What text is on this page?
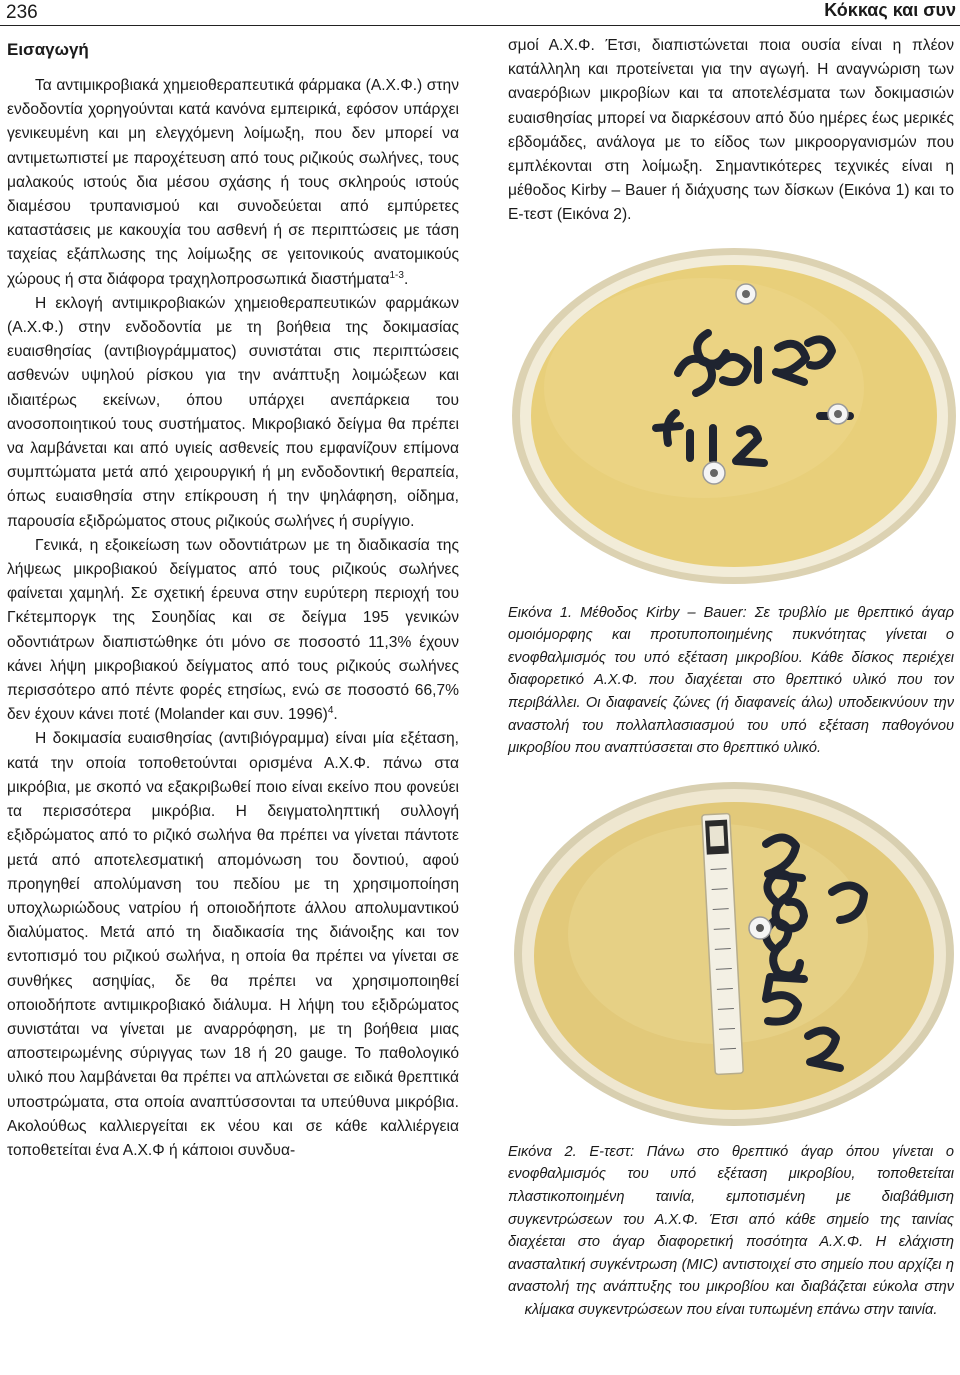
236	Κόκκας και συν
Εισαγωγή

Τα αντιμικροβιακά χημειοθεραπευτικά φάρμακα (Α.Χ.Φ.) στην ενδοδοντία χορηγούνται κατά κανόνα εμπειρικά, εφόσον υπάρχει γενικευμένη και μη ελεγχόμενη λοίμωξη, που δεν μπορεί να αντιμετωπιστεί με παροχέτευση από τους ριζικούς σωλήνες, τους μαλακούς ιστούς δια μέσου σχάσης ή τους σκληρούς ιστούς διαμέσου τρυπανισμού και συνοδεύεται από εμπύρετες καταστάσεις με κακουχία του ασθενή ή σε περιπτώσεις με τάση ταχείας εξάπλωσης της λοίμωξης σε γειτονικούς ανατομικούς χώρους ή στα διάφορα τραχηλοπροσωπικά διαστήματα$^{1-3}$.

Η εκλογή αντιμικροβιακών χημειοθεραπευτικών φαρμάκων (Α.Χ.Φ.) στην ενδοδοντία με τη βοήθεια της δοκιμασίας ευαισθησίας (αντιβιογράμματος) συνιστάται στις περιπτώσεις ασθενών υψηλού ρίσκου για την ανάπτυξη λοιμώξεων και ιδιαιτέρως εκείνων, όπου υπάρχει ανεπάρκεια του ανοσοποιητικού τους συστήματος. Μικροβιακό δείγμα θα πρέπει να λαμβάνεται και από υγιείς ασθενείς που εμφανίζουν επίμονα συμπτώματα μετά από χειρουργική ή μη ενδοδοντική θεραπεία, όπως ευαισθησία στην επίκρουση ή την ψηλάφηση, οίδημα, παρουσία εξιδρώματος στους ριζικούς σωλήνες ή συρίγγιο.

Γενικά, η εξοικείωση των οδοντιάτρων με τη διαδικασία της λήψεως μικροβιακού δείγματος από τους ριζικούς σωλήνες φαίνεται χαμηλή. Σε σχετική έρευνα στην ευρύτερη περιοχή του Γκέτεμποργκ της Σουηδίας και σε δείγμα 195 γενικών οδοντιάτρων διαπιστώθηκε ότι μόνο σε ποσοστό 11,3% έχουν κάνει λήψη μικροβιακού δείγματος από τους ριζικούς σωλήνες περισσότερο από πέντε φορές ετησίως, ενώ σε ποσοστό 66,7% δεν έχουν κάνει ποτέ (Molander και συν. 1996)$^4$.

Η δοκιμασία ευαισθησίας (αντιβιόγραμμα) είναι μία εξέταση, κατά την οποία τοποθετούνται ορισμένα Α.Χ.Φ. πάνω στα μικρόβια, με σκοπό να εξακριβωθεί ποιο είναι εκείνο που φονεύει τα περισσότερα μικρόβια. Η δειγματοληπτική συλλογή εξιδρώματος από το ριζικό σωλήνα θα πρέπει να γίνεται πάντοτε μετά από αποτελεσματική απομόνωση του δοντιού, αφού προηγηθεί απολύμανση του πεδίου με τη χρησιμοποίηση υποχλωριώδους νατρίου ή οποιοδήποτε άλλου απολυμαντικού διαλύματος. Μετά από τη διαδικασία της διάνοιξης και τον εντοπισμό του ριζικού σωλήνα, η οποία θα πρέπει να γίνεται σε συνθήκες ασηψίας, δε θα πρέπει να χρησιμοποιηθεί οποιοδήποτε αντιμικροβιακό διάλυμα. Η λήψη του εξιδρώματος συνιστάται να γίνεται με αναρρόφηση, με τη βοήθεια μιας αποστειρωμένης σύριγγας των 18 ή 20 gauge. Το παθολογικό υλικό που λαμβάνεται θα πρέπει να απλώνεται σε ειδικά θρεπτικά υποστρώματα, στα οποία αναπτύσσονται τα υπεύθυνα μικρόβια. Ακολούθως καλλιεργείται εκ νέου και σε κάθε καλλιέργεια τοποθετείται ένα Α.Χ.Φ ή κάποιοι συνδυα-

σμοί Α.Χ.Φ. Έτσι, διαπιστώνεται ποια ουσία είναι η πλέον κατάλληλη και προτείνεται για την αγωγή. Η αναγνώριση των αναερόβιων μικροβίων και τα αποτελέσματα των δοκιμασιών ευαισθησίας μπορεί να διαρκέσουν από δύο ημέρες έως μερικές εβδομάδες, ανάλογα με το είδος των μικροοργανισμών που εμπλέκονται στη λοίμωξη. Σημαντικότερες τεχνικές είναι η μέθοδος Kirby – Bauer ή διάχυσης των δίσκων (Εικόνα 1) και το Ε-τεστ (Εικόνα 2).

Εικόνα 1. Μέθοδος Kirby – Bauer: Σε τρυβλίο με θρεπτικό άγαρ ομοιόμορφης και προτυποποιημένης πυκνότητας γίνεται ο ενοφθαλμισμός του υπό εξέταση μικροβίου. Κάθε δίσκος περιέχει διαφορετικό Α.Χ.Φ. που διαχέεται στο θρεπτικό υλικό που τον περιβάλλει. Οι διαφανείς ζώνες (ή διαφανείς άλω) υποδεικνύουν την αναστολή του πολλαπλασιασμού του υπό εξέταση παθογόνου μικροβίου που αναπτύσσεται στο θρεπτικό υλικό.

Εικόνα 2. Ε-τεστ: Πάνω στο θρεπτικό άγαρ όπου γίνεται ο ενοφθαλμισμός του υπό εξέταση μικροβίου, τοποθετείται πλαστικοποιημένη ταινία, εμποτισμένη με διαβάθμιση συγκεντρώσεων του Α.Χ.Φ. Έτσι από κάθε σημείο της ταινίας διαχέεται στο άγαρ διαφορετική ποσότητα Α.Χ.Φ. Η ελάχιστη ανασταλτική συγκέντρωση (MIC) αντιστοιχεί στο σημείο που αρχίζει η αναστολή της ανάπτυξης του μικροβίου και διαβάζεται εύκολα στην κλίμακα συγκεντρώσεων που είναι τυπωμένη επάνω στην ταινία.
